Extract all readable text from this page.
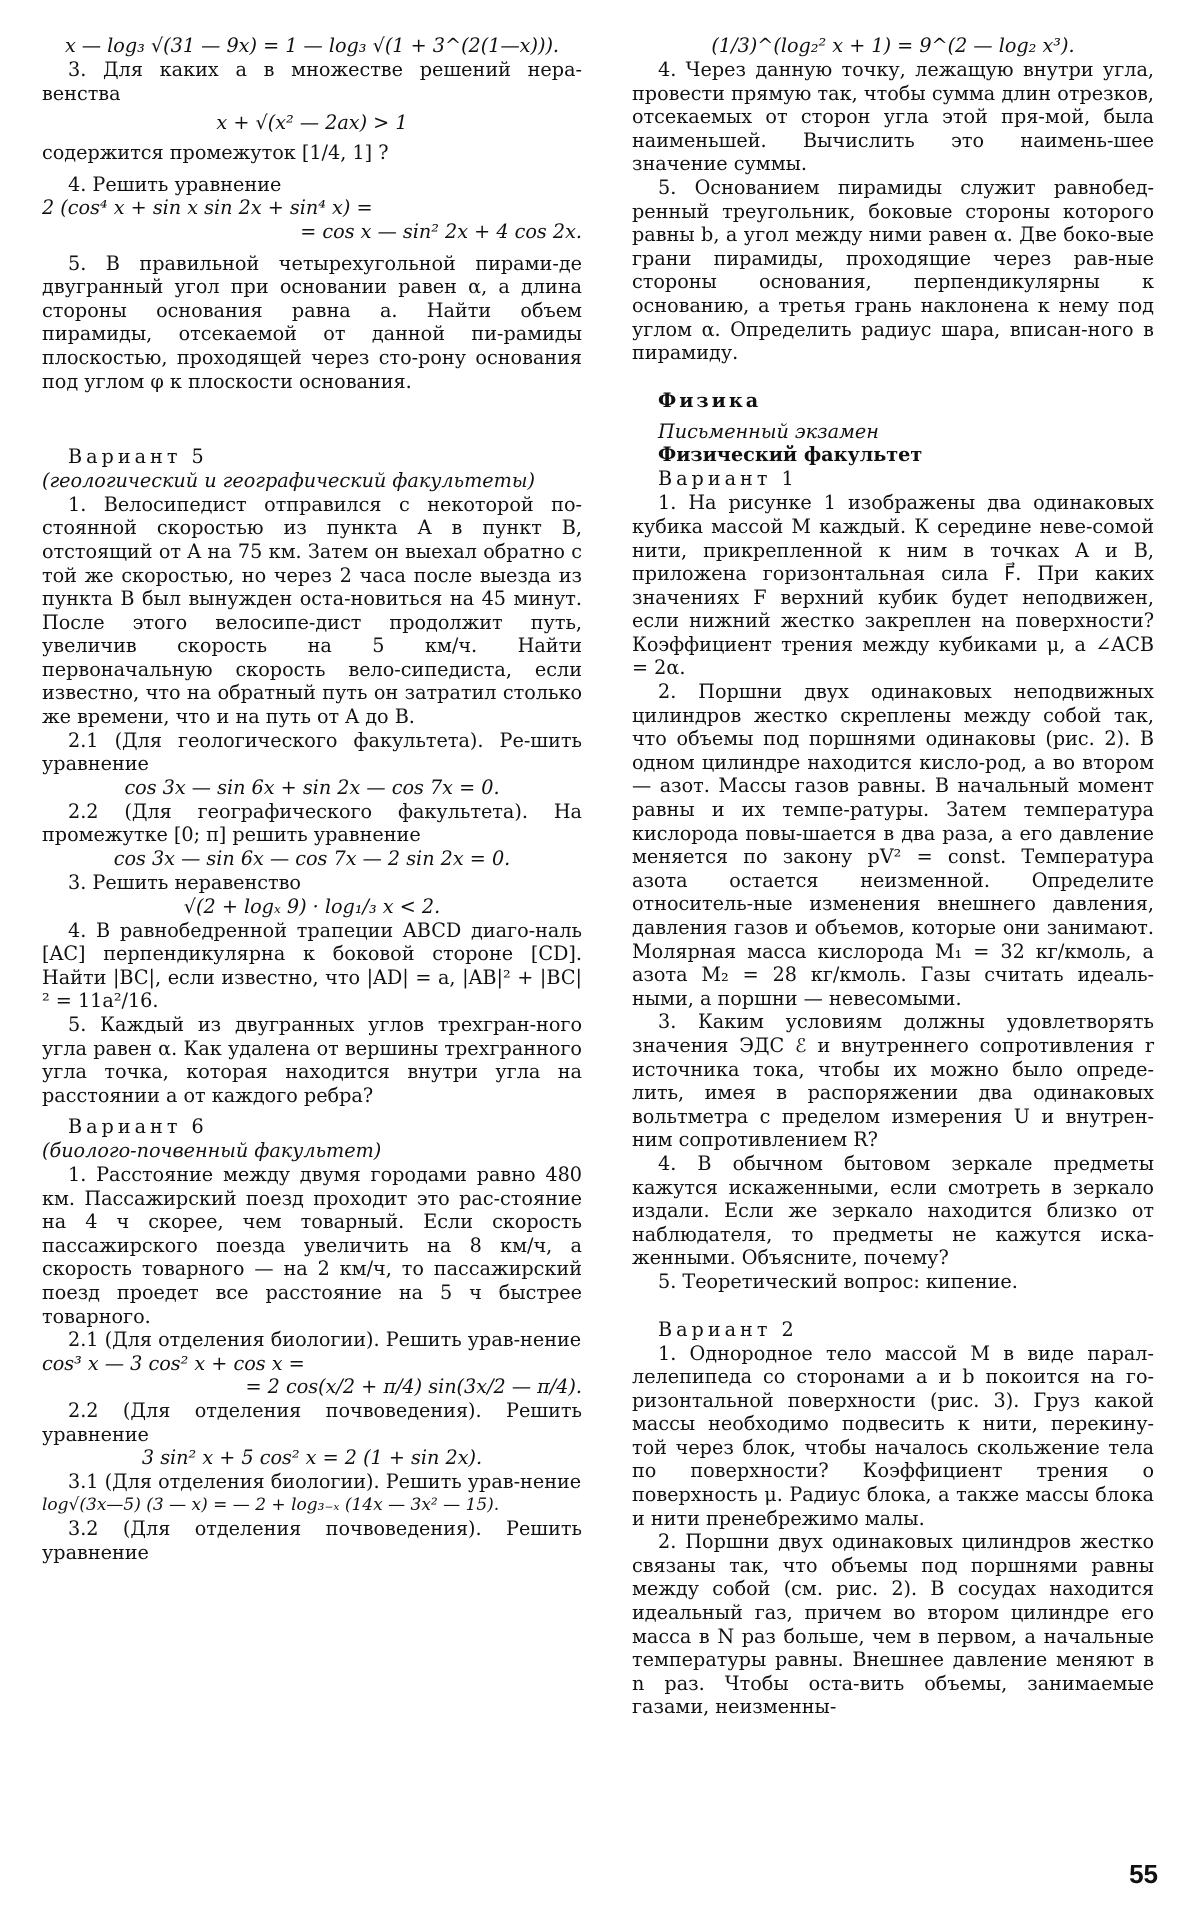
x — log₃ √(31 — 9x) = 1 — log₃ √(1 + 3^(2(1—x))).

3. Для каких a в множестве решений нера-венства

x + √(x² — 2ax) > 1

содержится промежуток [1/4, 1] ?

4. Решить уравнение

2 (cos⁴ x + sin x sin 2x + sin⁴ x) =

= cos x — sin² 2x + 4 cos 2x.

5. В правильной четырехугольной пирами-де двугранный угол при основании равен α, а длина стороны основания равна a. Найти объем пирамиды, отсекаемой от данной пи-рамиды плоскостью, проходящей через сто-рону основания под углом φ к плоскости основания.

Вариант 5

(геологический и географический факультеты)

1. Велосипедист отправился с некоторой по-стоянной скоростью из пункта A в пункт B, отстоящий от A на 75 км. Затем он выехал обратно с той же скоростью, но через 2 часа после выезда из пункта B был вынужден оста-новиться на 45 минут. После этого велосипе-дист продолжит путь, увеличив скорость на 5 км/ч. Найти первоначальную скорость вело-сипедиста, если известно, что на обратный путь он затратил столько же времени, что и на путь от A до B.

2.1 (Для геологического факультета). Ре-шить уравнение

cos 3x — sin 6x + sin 2x — cos 7x = 0.

2.2 (Для географического факультета). На промежутке [0; π] решить уравнение

cos 3x — sin 6x — cos 7x — 2 sin 2x = 0.

3. Решить неравенство

√(2 + logₓ 9) · log₁/₃ x < 2.

4. В равнобедренной трапеции ABCD диаго-наль [AC] перпендикулярна к боковой стороне [CD]. Найти |BC|, если известно, что |AD| = a, |AB|² + |BC|² = 11a²/16.

5. Каждый из двугранных углов трехгран-ного угла равен α. Как удалена от вершины трехгранного угла точка, которая находится внутри угла на расстоянии a от каждого ребра?

Вариант 6

(биолого-почвенный факультет)

1. Расстояние между двумя городами равно 480 км. Пассажирский поезд проходит это рас-стояние на 4 ч скорее, чем товарный. Если скорость пассажирского поезда увеличить на 8 км/ч, а скорость товарного — на 2 км/ч, то пассажирский поезд проедет все расстояние на 5 ч быстрее товарного.

2.1 (Для отделения биологии). Решить урав-нение

cos³ x — 3 cos² x + cos x =

= 2 cos(x/2 + π/4) sin(3x/2 — π/4).

2.2 (Для отделения почвоведения). Решить уравнение

3 sin² x + 5 cos² x = 2 (1 + sin 2x).

3.1 (Для отделения биологии). Решить урав-нение

log√(3x—5) (3 — x) = — 2 + log₃₋ₓ (14x — 3x² — 15).

3.2 (Для отделения почвоведения). Решить уравнение

(1/3)^(log₂² x + 1) = 9^(2 — log₂ x³).

4. Через данную точку, лежащую внутри угла, провести прямую так, чтобы сумма длин отрезков, отсекаемых от сторон угла этой пря-мой, была наименьшей. Вычислить это наимень-шее значение суммы.

5. Основанием пирамиды служит равнобед-ренный треугольник, боковые стороны которого равны b, а угол между ними равен α. Две боко-вые грани пирамиды, проходящие через рав-ные стороны основания, перпендикулярны к основанию, а третья грань наклонена к нему под углом α. Определить радиус шара, вписан-ного в пирамиду.

Физика

Письменный экзамен

Физический факультет

Вариант 1

1. На рисунке 1 изображены два одинаковых кубика массой M каждый. К середине неве-сомой нити, прикрепленной к ним в точках A и B, приложена горизонтальная сила F⃗. При каких значениях F верхний кубик будет неподвижен, если нижний жестко закреплен на поверхности? Коэффициент трения между кубиками μ, а ∠ACB = 2α.

2. Поршни двух одинаковых неподвижных цилиндров жестко скреплены между собой так, что объемы под поршнями одинаковы (рис. 2). В одном цилиндре находится кисло-род, а во втором — азот. Массы газов равны. В начальный момент равны и их темпе-ратуры. Затем температура кислорода повы-шается в два раза, а его давление меняется по закону pV² = const. Температура азота остается неизменной. Определите относитель-ные изменения внешнего давления, давления газов и объемов, которые они занимают. Молярная масса кислорода M₁ = 32 кг/кмоль, а азота M₂ = 28 кг/кмоль. Газы считать идеаль-ными, а поршни — невесомыми.

3. Каким условиям должны удовлетворять значения ЭДС ℰ и внутреннего сопротивления r источника тока, чтобы их можно было опреде-лить, имея в распоряжении два одинаковых вольтметра с пределом измерения U и внутрен-ним сопротивлением R?

4. В обычном бытовом зеркале предметы кажутся искаженными, если смотреть в зеркало издали. Если же зеркало находится близко от наблюдателя, то предметы не кажутся иска-женными. Объясните, почему?

5. Теоретический вопрос: кипение.

Вариант 2

1. Однородное тело массой M в виде парал-лелепипеда со сторонами a и b покоится на го-ризонтальной поверхности (рис. 3). Груз какой массы необходимо подвесить к нити, перекину-той через блок, чтобы началось скольжение тела по поверхности? Коэффициент трения о поверхность μ. Радиус блока, а также массы блока и нити пренебрежимо малы.

2. Поршни двух одинаковых цилиндров жестко связаны так, что объемы под поршнями равны между собой (см. рис. 2). В сосудах находится идеальный газ, причем во втором цилиндре его масса в N раз больше, чем в первом, а начальные температуры равны. Внешнее давление меняют в n раз. Чтобы оста-вить объемы, занимаемые газами, неизменны-

55
